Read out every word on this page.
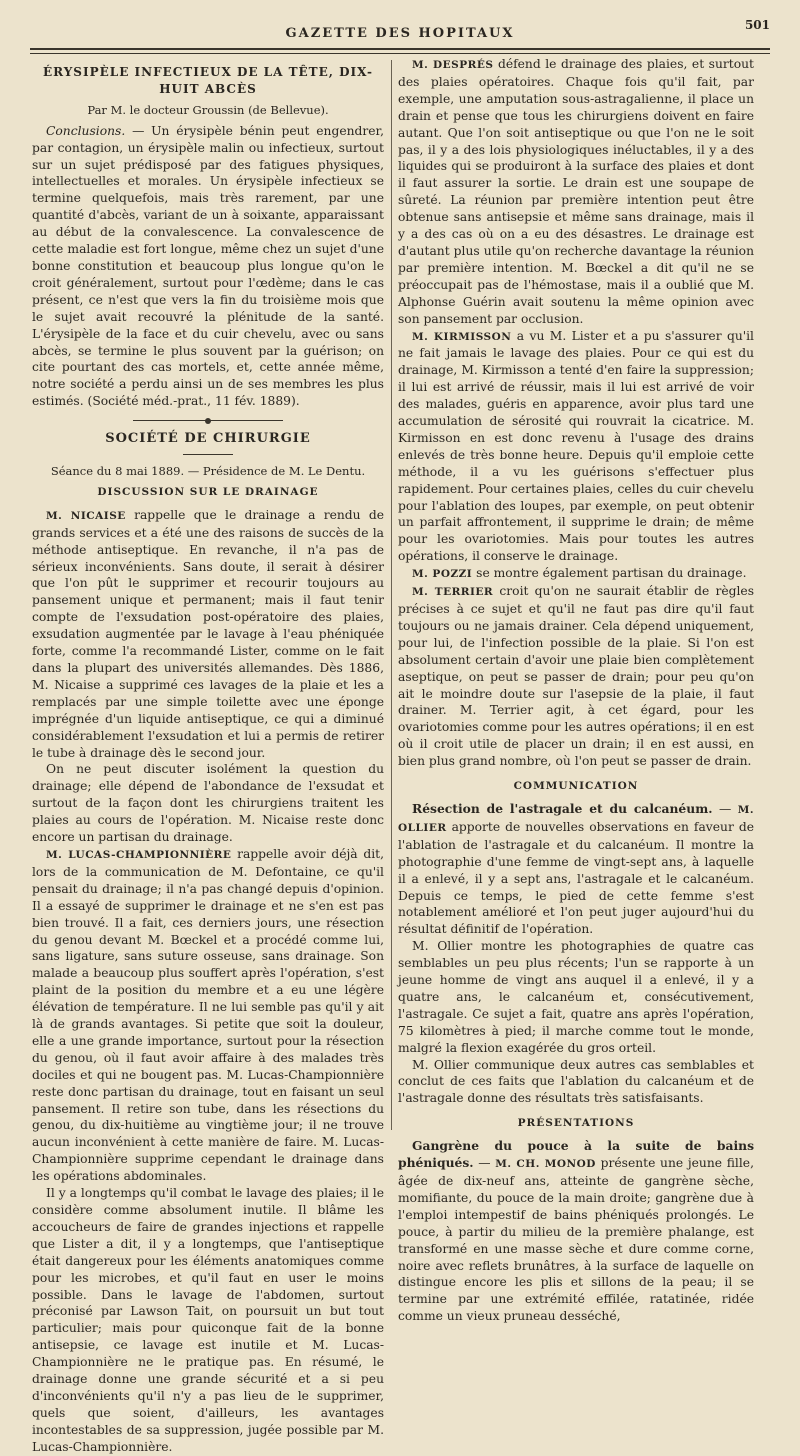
GAZETTE DES HOPITAUX
501
ÉRYSIPÈLE INFECTIEUX DE LA TÊTE, DIX-HUIT ABCÈS
Par M. le docteur Groussin (de Bellevue).

Conclusions. — Un érysipèle bénin peut engendrer, par contagion, un érysipèle malin ou infectieux, surtout sur un sujet prédisposé par des fatigues physiques, intellectuelles et morales. Un érysipèle infectieux se termine quelquefois, mais très rarement, par une quantité d'abcès, variant de un à soixante, apparaissant au début de la convalescence. La convalescence de cette maladie est fort longue, même chez un sujet d'une bonne constitution et beaucoup plus longue qu'on le croit généralement, surtout pour l'œdème; dans le cas présent, ce n'est que vers la fin du troisième mois que le sujet avait recouvré la plénitude de la santé. L'érysipèle de la face et du cuir chevelu, avec ou sans abcès, se termine le plus souvent par la guérison; on cite pourtant des cas mortels, et, cette année même, notre société a perdu ainsi un de ses membres les plus estimés. (Société méd.-prat., 11 fév. 1889).

SOCIÉTÉ DE CHIRURGIE
Séance du 8 mai 1889. — Présidence de M. Le Dentu.
DISCUSSION SUR LE DRAINAGE

M. NICAISE rappelle que le drainage a rendu de grands services et a été une des raisons de succès de la méthode antiseptique. En revanche, il n'a pas de sérieux inconvénients. Sans doute, il serait à désirer que l'on pût le supprimer et recourir toujours au pansement unique et permanent; mais il faut tenir compte de l'exsudation post-opératoire des plaies, exsudation augmentée par le lavage à l'eau phéniquée forte, comme l'a recommandé Lister, comme on le fait dans la plupart des universités allemandes. Dès 1886, M. Nicaise a supprimé ces lavages de la plaie et les a remplacés par une simple toilette avec une éponge imprégnée d'un liquide antiseptique, ce qui a diminué considérablement l'exsudation et lui a permis de retirer le tube à drainage dès le second jour.

On ne peut discuter isolément la question du drainage; elle dépend de l'abondance de l'exsudat et surtout de la façon dont les chirurgiens traitent les plaies au cours de l'opération. M. Nicaise reste donc encore un partisan du drainage.

M. LUCAS-CHAMPIONNIÈRE rappelle avoir déjà dit, lors de la communication de M. Defontaine, ce qu'il pensait du drainage; il n'a pas changé depuis d'opinion. Il a essayé de supprimer le drainage et ne s'en est pas bien trouvé. Il a fait, ces derniers jours, une résection du genou devant M. Bœckel et a procédé comme lui, sans ligature, sans suture osseuse, sans drainage. Son malade a beaucoup plus souffert après l'opération, s'est plaint de la position du membre et a eu une légère élévation de température. Il ne lui semble pas qu'il y ait là de grands avantages. Si petite que soit la douleur, elle a une grande importance, surtout pour la résection du genou, où il faut avoir affaire à des malades très dociles et qui ne bougent pas. M. Lucas-Championnière reste donc partisan du drainage, tout en faisant un seul pansement. Il retire son tube, dans les résections du genou, du dix-huitième au vingtième jour; il ne trouve aucun inconvénient à cette manière de faire. M. Lucas-Championnière supprime cependant le drainage dans les opérations abdominales.

Il y a longtemps qu'il combat le lavage des plaies; il le considère comme absolument inutile. Il blâme les accoucheurs de faire de grandes injections et rappelle que Lister a dit, il y a longtemps, que l'antiseptique était dangereux pour les éléments anatomiques comme pour les microbes, et qu'il faut en user le moins possible. Dans le lavage de l'abdomen, surtout préconisé par Lawson Tait, on poursuit un but tout particulier; mais pour quiconque fait de la bonne antisepsie, ce lavage est inutile et M. Lucas-Championnière ne le pratique pas. En résumé, le drainage donne une grande sécurité et a si peu d'inconvénients qu'il n'y a pas lieu de le supprimer, quels que soient, d'ailleurs, les avantages incontestables de sa suppression, jugée possible par M. Lucas-Championnière.

M. DESPRÉS défend le drainage des plaies, et surtout des plaies opératoires. Chaque fois qu'il fait, par exemple, une amputation sous-astragalienne, il place un drain et pense que tous les chirurgiens doivent en faire autant. Que l'on soit antiseptique ou que l'on ne le soit pas, il y a des lois physiologiques inéluctables, il y a des liquides qui se produiront à la surface des plaies et dont il faut assurer la sortie. Le drain est une soupape de sûreté. La réunion par première intention peut être obtenue sans antisepsie et même sans drainage, mais il y a des cas où on a eu des désastres. Le drainage est d'autant plus utile qu'on recherche davantage la réunion par première intention. M. Bœckel a dit qu'il ne se préoccupait pas de l'hémostase, mais il a oublié que M. Alphonse Guérin avait soutenu la même opinion avec son pansement par occlusion.

M. KIRMISSON a vu M. Lister et a pu s'assurer qu'il ne fait jamais le lavage des plaies. Pour ce qui est du drainage, M. Kirmisson a tenté d'en faire la suppression; il lui est arrivé de réussir, mais il lui est arrivé de voir des malades, guéris en apparence, avoir plus tard une accumulation de sérosité qui rouvrait la cicatrice. M. Kirmisson en est donc revenu à l'usage des drains enlevés de très bonne heure. Depuis qu'il emploie cette méthode, il a vu les guérisons s'effectuer plus rapidement. Pour certaines plaies, celles du cuir chevelu pour l'ablation des loupes, par exemple, on peut obtenir un parfait affrontement, il supprime le drain; de même pour les ovariotomies. Mais pour toutes les autres opérations, il conserve le drainage.

M. POZZI se montre également partisan du drainage.

M. TERRIER croit qu'on ne saurait établir de règles précises à ce sujet et qu'il ne faut pas dire qu'il faut toujours ou ne jamais drainer. Cela dépend uniquement, pour lui, de l'infection possible de la plaie. Si l'on est absolument certain d'avoir une plaie bien complètement aseptique, on peut se passer de drain; pour peu qu'on ait le moindre doute sur l'asepsie de la plaie, il faut drainer. M. Terrier agit, à cet égard, pour les ovariotomies comme pour les autres opérations; il en est où il croit utile de placer un drain; il en est aussi, en bien plus grand nombre, où l'on peut se passer de drain.

COMMUNICATION

Résection de l'astragale et du calcanéum. — M. OLLIER apporte de nouvelles observations en faveur de l'ablation de l'astragale et du calcanéum. Il montre la photographie d'une femme de vingt-sept ans, à laquelle il a enlevé, il y a sept ans, l'astragale et le calcanéum. Depuis ce temps, le pied de cette femme s'est notablement amélioré et l'on peut juger aujourd'hui du résultat définitif de l'opération.

M. Ollier montre les photographies de quatre cas semblables un peu plus récents; l'un se rapporte à un jeune homme de vingt ans auquel il a enlevé, il y a quatre ans, le calcanéum et, consécutivement, l'astragale. Ce sujet a fait, quatre ans après l'opération, 75 kilomètres à pied; il marche comme tout le monde, malgré la flexion exagérée du gros orteil.

M. Ollier communique deux autres cas semblables et conclut de ces faits que l'ablation du calcanéum et de l'astragale donne des résultats très satisfaisants.

PRÉSENTATIONS

Gangrène du pouce à la suite de bains phéniqués. — M. CH. MONOD présente une jeune fille, âgée de dix-neuf ans, atteinte de gangrène sèche, momifiante, du pouce de la main droite; gangrène due à l'emploi intempestif de bains phéniqués prolongés. Le pouce, à partir du milieu de la première phalange, est transformé en une masse sèche et dure comme corne, noire avec reflets brunâtres, à la surface de laquelle on distingue encore les plis et sillons de la peau; il se termine par une extrémité effilée, ratatinée, ridée comme un vieux pruneau desséché,
